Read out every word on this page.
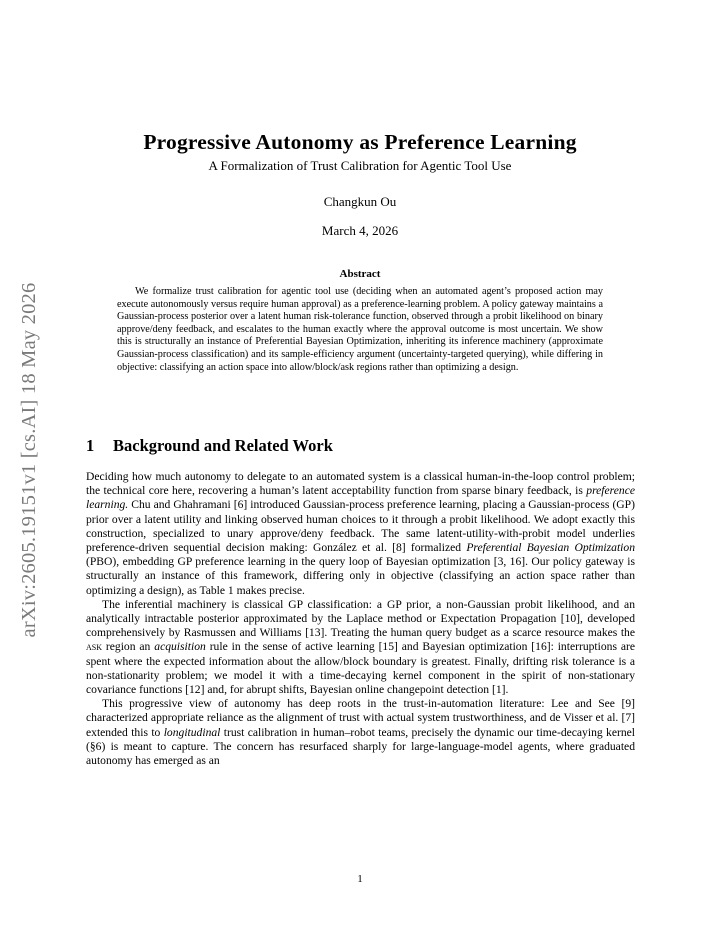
arXiv:2605.19151v1 [cs.AI] 18 May 2026
Progressive Autonomy as Preference Learning
A Formalization of Trust Calibration for Agentic Tool Use
Changkun Ou
March 4, 2026
Abstract
We formalize trust calibration for agentic tool use (deciding when an automated agent’s proposed action may execute autonomously versus require human approval) as a preference-learning problem. A policy gateway maintains a Gaussian-process posterior over a latent human risk-tolerance function, observed through a probit likelihood on binary approve/deny feedback, and escalates to the human exactly where the approval outcome is most uncertain. We show this is structurally an instance of Preferential Bayesian Optimization, inheriting its inference machinery (approximate Gaussian-process classification) and its sample-efficiency argument (uncertainty-targeted querying), while differing in objective: classifying an action space into allow/block/ask regions rather than optimizing a design.
1 Background and Related Work

Deciding how much autonomy to delegate to an automated system is a classical human-in-the-loop control problem; the technical core here, recovering a human’s latent acceptability function from sparse binary feedback, is preference learning. Chu and Ghahramani [6] introduced Gaussian-process preference learning, placing a Gaussian-process (GP) prior over a latent utility and linking observed human choices to it through a probit likelihood. We adopt exactly this construction, specialized to unary approve/deny feedback. The same latent-utility-with-probit model underlies preference-driven sequential decision making: González et al. [8] formalized Preferential Bayesian Optimization (PBO), embedding GP preference learning in the query loop of Bayesian optimization [3, 16]. Our policy gateway is structurally an instance of this framework, differing only in objective (classifying an action space rather than optimizing a design), as Table 1 makes precise.

The inferential machinery is classical GP classification: a GP prior, a non-Gaussian probit likelihood, and an analytically intractable posterior approximated by the Laplace method or Expectation Propagation [10], developed comprehensively by Rasmussen and Williams [13]. Treating the human query budget as a scarce resource makes the ask region an acquisition rule in the sense of active learning [15] and Bayesian optimization [16]: interruptions are spent where the expected information about the allow/block boundary is greatest. Finally, drifting risk tolerance is a non-stationarity problem; we model it with a time-decaying kernel component in the spirit of non-stationary covariance functions [12] and, for abrupt shifts, Bayesian online changepoint detection [1].

This progressive view of autonomy has deep roots in the trust-in-automation literature: Lee and See [9] characterized appropriate reliance as the alignment of trust with actual system trustworthiness, and de Visser et al. [7] extended this to longitudinal trust calibration in human–robot teams, precisely the dynamic our time-decaying kernel (§6) is meant to capture. The concern has resurfaced sharply for large-language-model agents, where graduated autonomy has emerged as an

1
